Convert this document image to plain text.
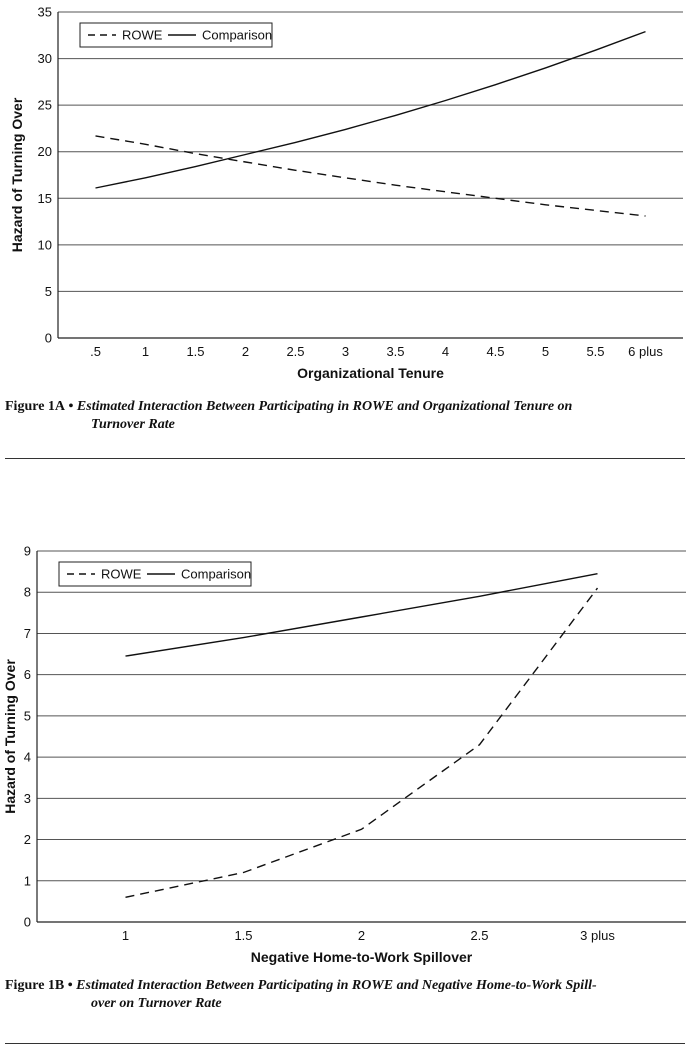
0
5
10
15
20
25
30
35
.5	1	1.5	2	2.5	3	3.5	4	4.5	5	5.5 6 plus
Organizational Tenure
Hazard of Turning Over
ROWE	Comparison
Figure 1A • Estimated Interaction Between Participating in ROWE and Organizational Tenure on
Turnover Rate
0
1
2
3
4
5
6
7
8
9
1	1.5	2	2.5	3 plus
Negative Home-to-Work Spillover
Hazard of Turning Over
ROWE	Comparison
Figure 1B • Estimated Interaction Between Participating in ROWE and Negative Home-to-Work Spill-
over on Turnover Rate
